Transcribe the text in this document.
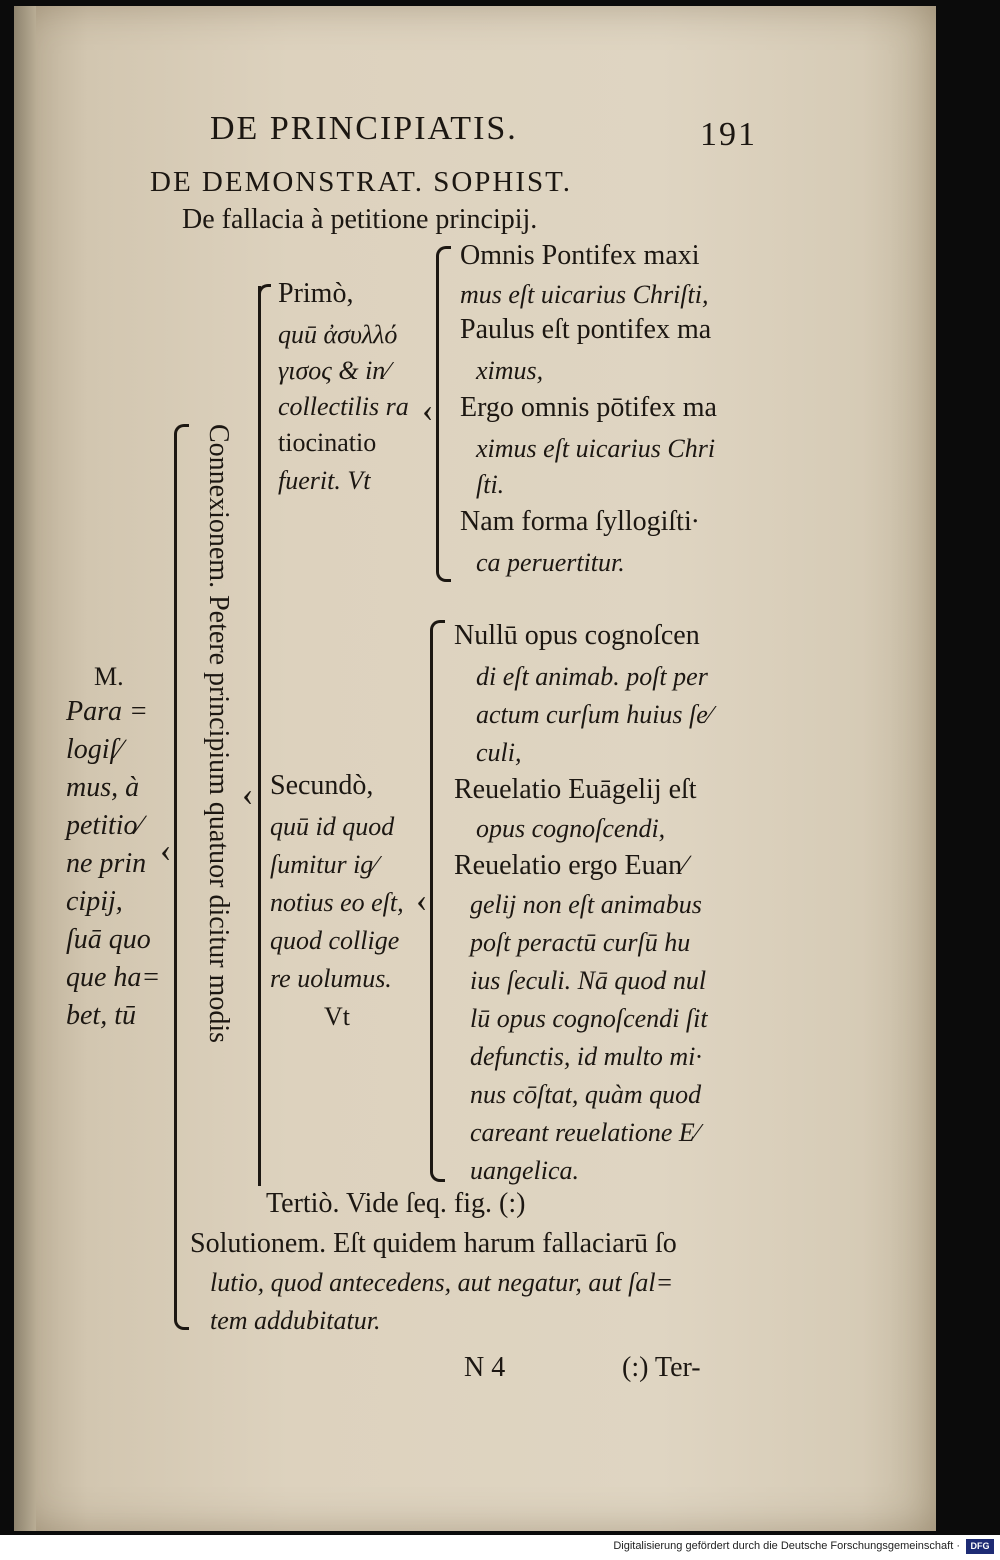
DE PRINCIPIATIS.	191
DE DEMONSTRAT. SOPHIST.
De fallacia à petitione principij.
M.
Para =
logiſ∕
mus, à
petitio∕
ne prin
cipij,
ſuā quo
que ha=
bet, tū
‹ Connexionem. Petere principium quatuor dicitur modis ‹
Primò,
quū ἀσυλλό
γισος & in∕
collectilis ra
tiocinatio
fuerit. Vt
‹
Omnis Pontifex maxi
mus eſt uicarius Chriſti,
Paulus eſt pontifex ma
ximus,
Ergo omnis pōtifex ma
ximus eſt uicarius Chri
ſti.
Nam forma ſyllogiſti∙
ca peruertitur.
Secundò,
quū id quod
ſumitur ig∕
notius eo eſt,
quod collige
re uolumus.
Vt
‹
Nullū opus cognoſcen
di eſt animab. poſt per
actum curſum huius ſe∕
culi,
Reuelatio Euāgelij eſt
opus cognoſcendi,
Reuelatio ergo Euan∕
gelij non eſt animabus
poſt peractū curſū hu
ius ſeculi. Nā quod nul
lū opus cognoſcendi ſit
defunctis, id multo mi∙
nus cōſtat, quàm quod
careant reuelatione E∕
uangelica.
Tertiò. Vide ſeq. fig. (:)
Solutionem. Eſt quidem harum fallaciarū ſo
lutio, quod antecedens, aut negatur, aut ſal=
tem addubitatur.
N 4	(:) Ter-
Digitalisierung gefördert durch die Deutsche Forschungsgemeinschaft ·	DFG
